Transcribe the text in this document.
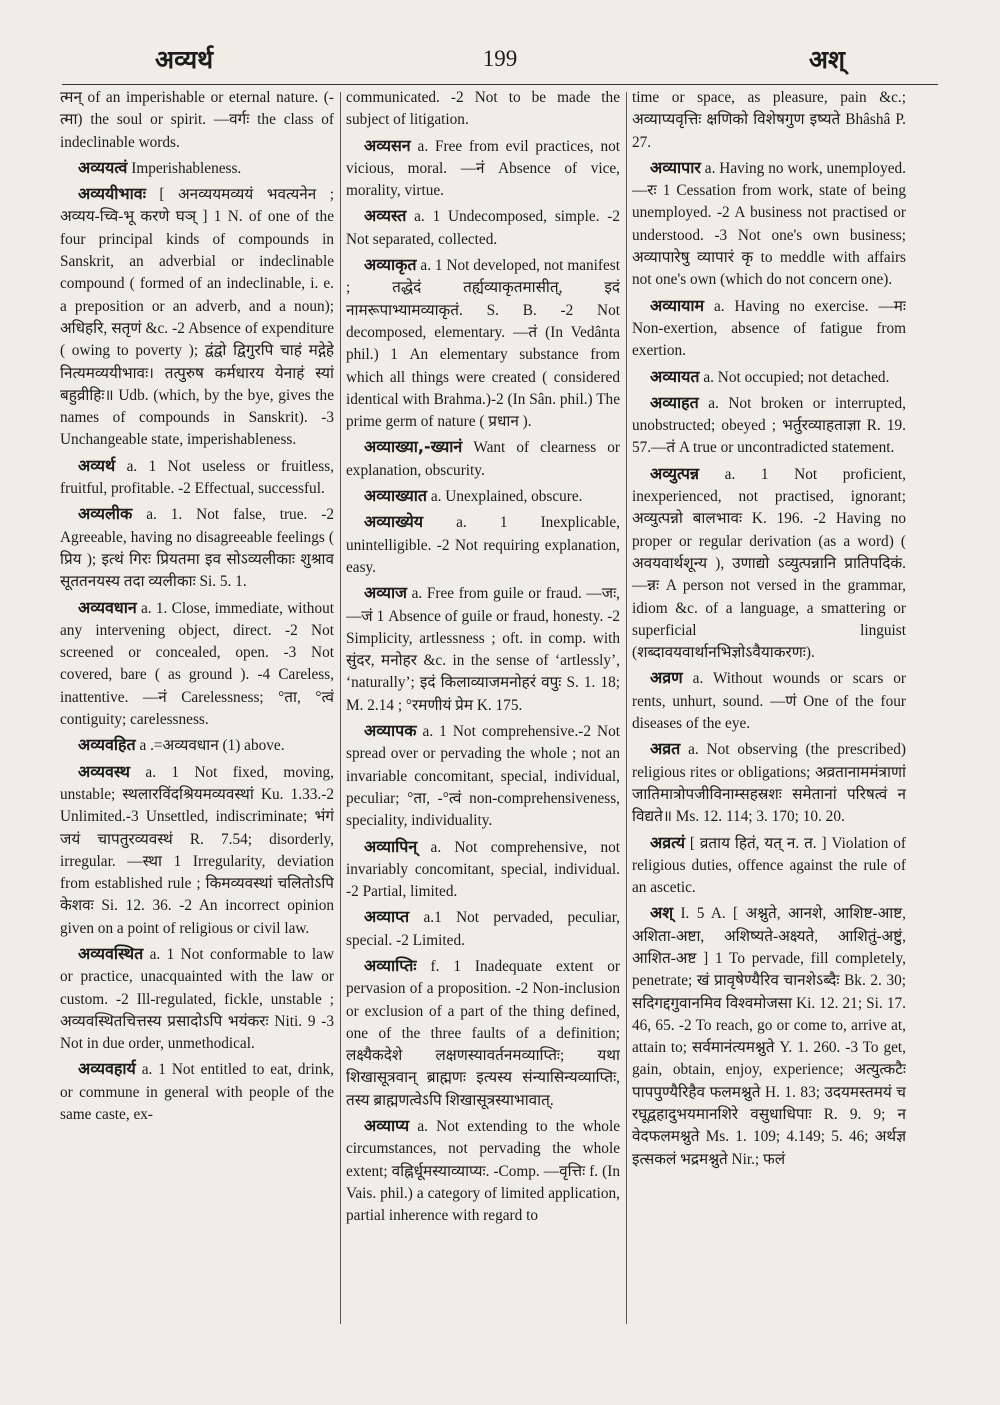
अव्यर्थ	199	अश्

त्मन् of an imperishable or eternal nature. (-त्मा) the soul or spirit. —वर्गः the class of indeclinable words.

अव्ययत्वं Imperishableness.

अव्ययीभावः [ अनव्ययमव्ययं भवत्यनेन ; अव्यय-च्वि-भू करणे घञ् ] 1 N. of one of the four principal kinds of compounds in Sanskrit, an adverbial or indeclinable compound ( formed of an indeclinable, i. e. a preposition or an adverb, and a noun); अधिहरि, सतृणं &c. -2 Absence of expenditure ( owing to poverty ); द्वंद्वो द्विगुरपि चाहं मद्गेहे नित्यमव्ययीभावः। तत्पुरुष कर्मधारय येनाहं स्यां बहुव्रीहिः॥ Udb. (which, by the bye, gives the names of compounds in Sanskrit). -3 Unchangeable state, imperishableness.

अव्यर्थ a. 1 Not useless or fruitless, fruitful, profitable. -2 Effectual, successful.

अव्यलीक a. 1. Not false, true. -2 Agreeable, having no disagreeable feelings ( प्रिय ); इत्थं गिरः प्रियतमा इव सोऽव्यलीकाः शुश्राव सूततनयस्य तदा व्यलीकाः Si. 5. 1.

अव्यवधान a. 1. Close, immediate, without any intervening object, direct. -2 Not screened or concealed, open. -3 Not covered, bare ( as ground ). -4 Careless, inattentive. —नं Carelessness; °ता, °त्वं contiguity; carelessness.

अव्यवहित a .=अव्यवधान (1) above.

अव्यवस्थ a. 1 Not fixed, moving, unstable; स्थलारविंदश्रियमव्यवस्थां Ku. 1.33.-2 Unlimited.-3 Unsettled, indiscriminate; भंगं जयं चापतुरव्यवस्थं R. 7.54; disorderly, irregular. —स्था 1 Irregularity, deviation from established rule ; किमव्यवस्थां चलितोऽपि केशवः Si. 12. 36. -2 An incorrect opinion given on a point of religious or civil law.

अव्यवस्थित a. 1 Not conformable to law or practice, unacquainted with the law or custom. -2 Ill-regulated, fickle, unstable ; अव्यवस्थितचित्तस्य प्रसादोऽपि भयंकरः Niti. 9 -3 Not in due order, unmethodical.

अव्यवहार्य a. 1 Not entitled to eat, drink, or commune in general with people of the same caste, ex-

communicated. -2 Not to be made the subject of litigation.

अव्यसन a. Free from evil practices, not vicious, moral. —नं Absence of vice, morality, virtue.

अव्यस्त a. 1 Undecomposed, simple. -2 Not separated, collected.

अव्याकृत a. 1 Not developed, not manifest ; तद्धेदं तर्ह्यव्याकृतमासीत्, इदं नामरूपाभ्यामव्याकृतं. S. B. -2 Not decomposed, elementary. —तं (In Vedânta phil.) 1 An elementary substance from which all things were created ( considered identical with Brahma.)-2 (In Sân. phil.) The prime germ of nature ( प्रधान ).

अव्याख्या,-ख्यानं Want of clearness or explanation, obscurity.

अव्याख्यात a. Unexplained, obscure.

अव्याख्येय a. 1 Inexplicable, unintelligible. -2 Not requiring explanation, easy.

अव्याज a. Free from guile or fraud. —जः, —जं 1 Absence of guile or fraud, honesty. -2 Simplicity, artlessness ; oft. in comp. with सुंदर, मनोहर &c. in the sense of ‘artlessly’, ‘naturally’; इदं किलाव्याजमनोहरं वपुः S. 1. 18; M. 2.14 ; °रमणीयं प्रेम K. 175.

अव्यापक a. 1 Not comprehensive.-2 Not spread over or pervading the whole ; not an invariable concomitant, special, individual, peculiar; °ता, -°त्वं non-comprehensiveness, speciality, individuality.

अव्यापिन् a. Not comprehensive, not invariably concomitant, special, individual. -2 Partial, limited.

अव्याप्त a.1 Not pervaded, peculiar, special. -2 Limited.

अव्याप्तिः f. 1 Inadequate extent or pervasion of a proposition. -2 Non-inclusion or exclusion of a part of the thing defined, one of the three faults of a definition; लक्ष्यैकदेशे लक्षणस्यावर्तनमव्याप्तिः; यथा शिखासूत्रवान् ब्राह्मणः इत्यस्य संन्यासिन्यव्याप्तिः, तस्य ब्राह्मणत्वेऽपि शिखासूत्रस्याभावात्.

अव्याप्य a. Not extending to the whole circumstances, not pervading the whole extent; वह्निर्धूमस्याव्याप्यः. -Comp. —वृत्तिः f. (In Vais. phil.) a category of limited application, partial inherence with regard to

time or space, as pleasure, pain &c.; अव्याप्यवृत्तिः क्षणिको विशेषगुण इष्यते Bhâshâ P. 27.

अव्यापार a. Having no work, unemployed. —रः 1 Cessation from work, state of being unemployed. -2 A business not practised or understood. -3 Not one's own business; अव्यापारेषु व्यापारं कृ to meddle with affairs not one's own (which do not concern one).

अव्यायाम a. Having no exercise. —मः Non-exertion, absence of fatigue from exertion.

अव्यायत a. Not occupied; not detached.

अव्याहत a. Not broken or interrupted, unobstructed; obeyed ; भर्तुरव्याहताज्ञा R. 19. 57.—तं A true or uncontradicted statement.

अव्युत्पन्न a. 1 Not proficient, inexperienced, not practised, ignorant; अव्युत्पन्नो बालभावः K. 196. -2 Having no proper or regular derivation (as a word) ( अवयवार्थशून्य ), उणाद्यो ऽव्युत्पन्नानि प्रातिपदिकं. —न्नः A person not versed in the grammar, idiom &c. of a language, a smattering or superficial linguist (शब्दावयवार्थानभिज्ञोऽवैयाकरणः).

अव्रण a. Without wounds or scars or rents, unhurt, sound. —णं One of the four diseases of the eye.

अव्रत a. Not observing (the prescribed) religious rites or obligations; अव्रतानाममंत्राणां जातिमात्रोपजीविनाम्सहस्रशः समेतानां परिषत्वं न विद्यते॥ Ms. 12. 114; 3. 170; 10. 20.

अव्रत्यं [ व्रताय हितं, यत् न. त. ] Violation of religious duties, offence against the rule of an ascetic.

अश् I. 5 A. [ अश्नुते, आनशे, आशिष्ट-आष्ट, अशिता-अष्टा, अशिष्यते-अक्ष्यते, आशितुं-अष्टुं, आशित-अष्ट ] 1 To pervade, fill completely, penetrate; खं प्रावृषेण्यैरिव चानशेऽब्दैः Bk. 2. 30; सदिगद्दगुवानमिव विश्वमोजसा Ki. 12. 21; Si. 17. 46, 65. -2 To reach, go or come to, arrive at, attain to; सर्वमानंत्यमश्नुते Y. 1. 260. -3 To get, gain, obtain, enjoy, experience; अत्युत्कटैः पापपुण्यैरिहैव फलमश्नुते H. 1. 83; उदयमस्तमयं च रघूद्वहादुभयमानशिरे वसुधाधिपाः R. 9. 9; न वेदफलमश्नुते Ms. 1. 109; 4.149; 5. 46; अर्थज्ञ इत्सकलं भद्रमश्नुते Nir.; फलं
